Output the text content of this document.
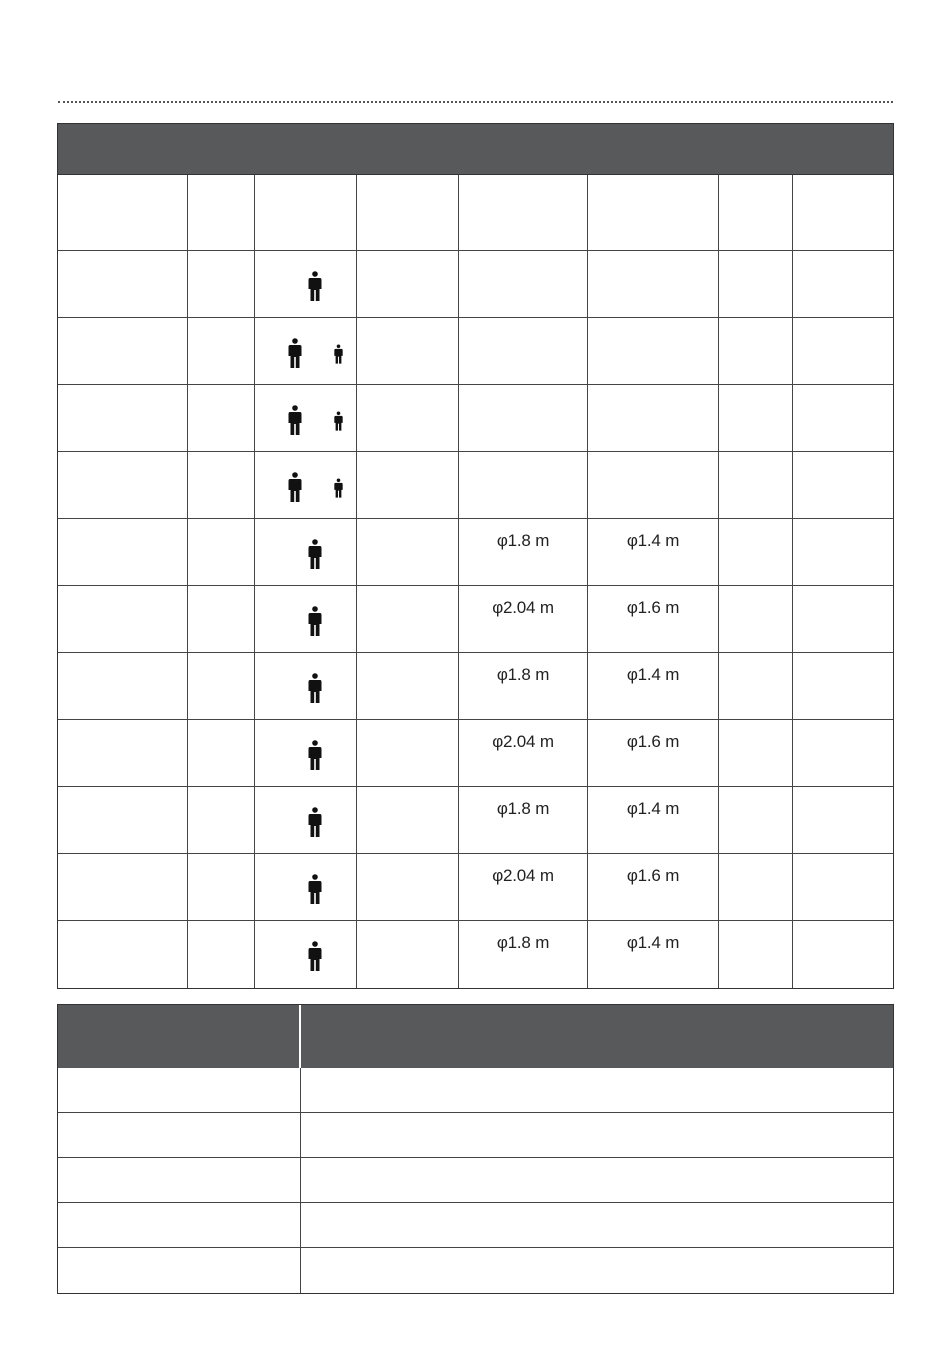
φ1.8 m	φ1.4 m
φ2.04 m	φ1.6 m
φ1.8 m	φ1.4 m
φ2.04 m	φ1.6 m
φ1.8 m	φ1.4 m
φ2.04 m	φ1.6 m
φ1.8 m	φ1.4 m
